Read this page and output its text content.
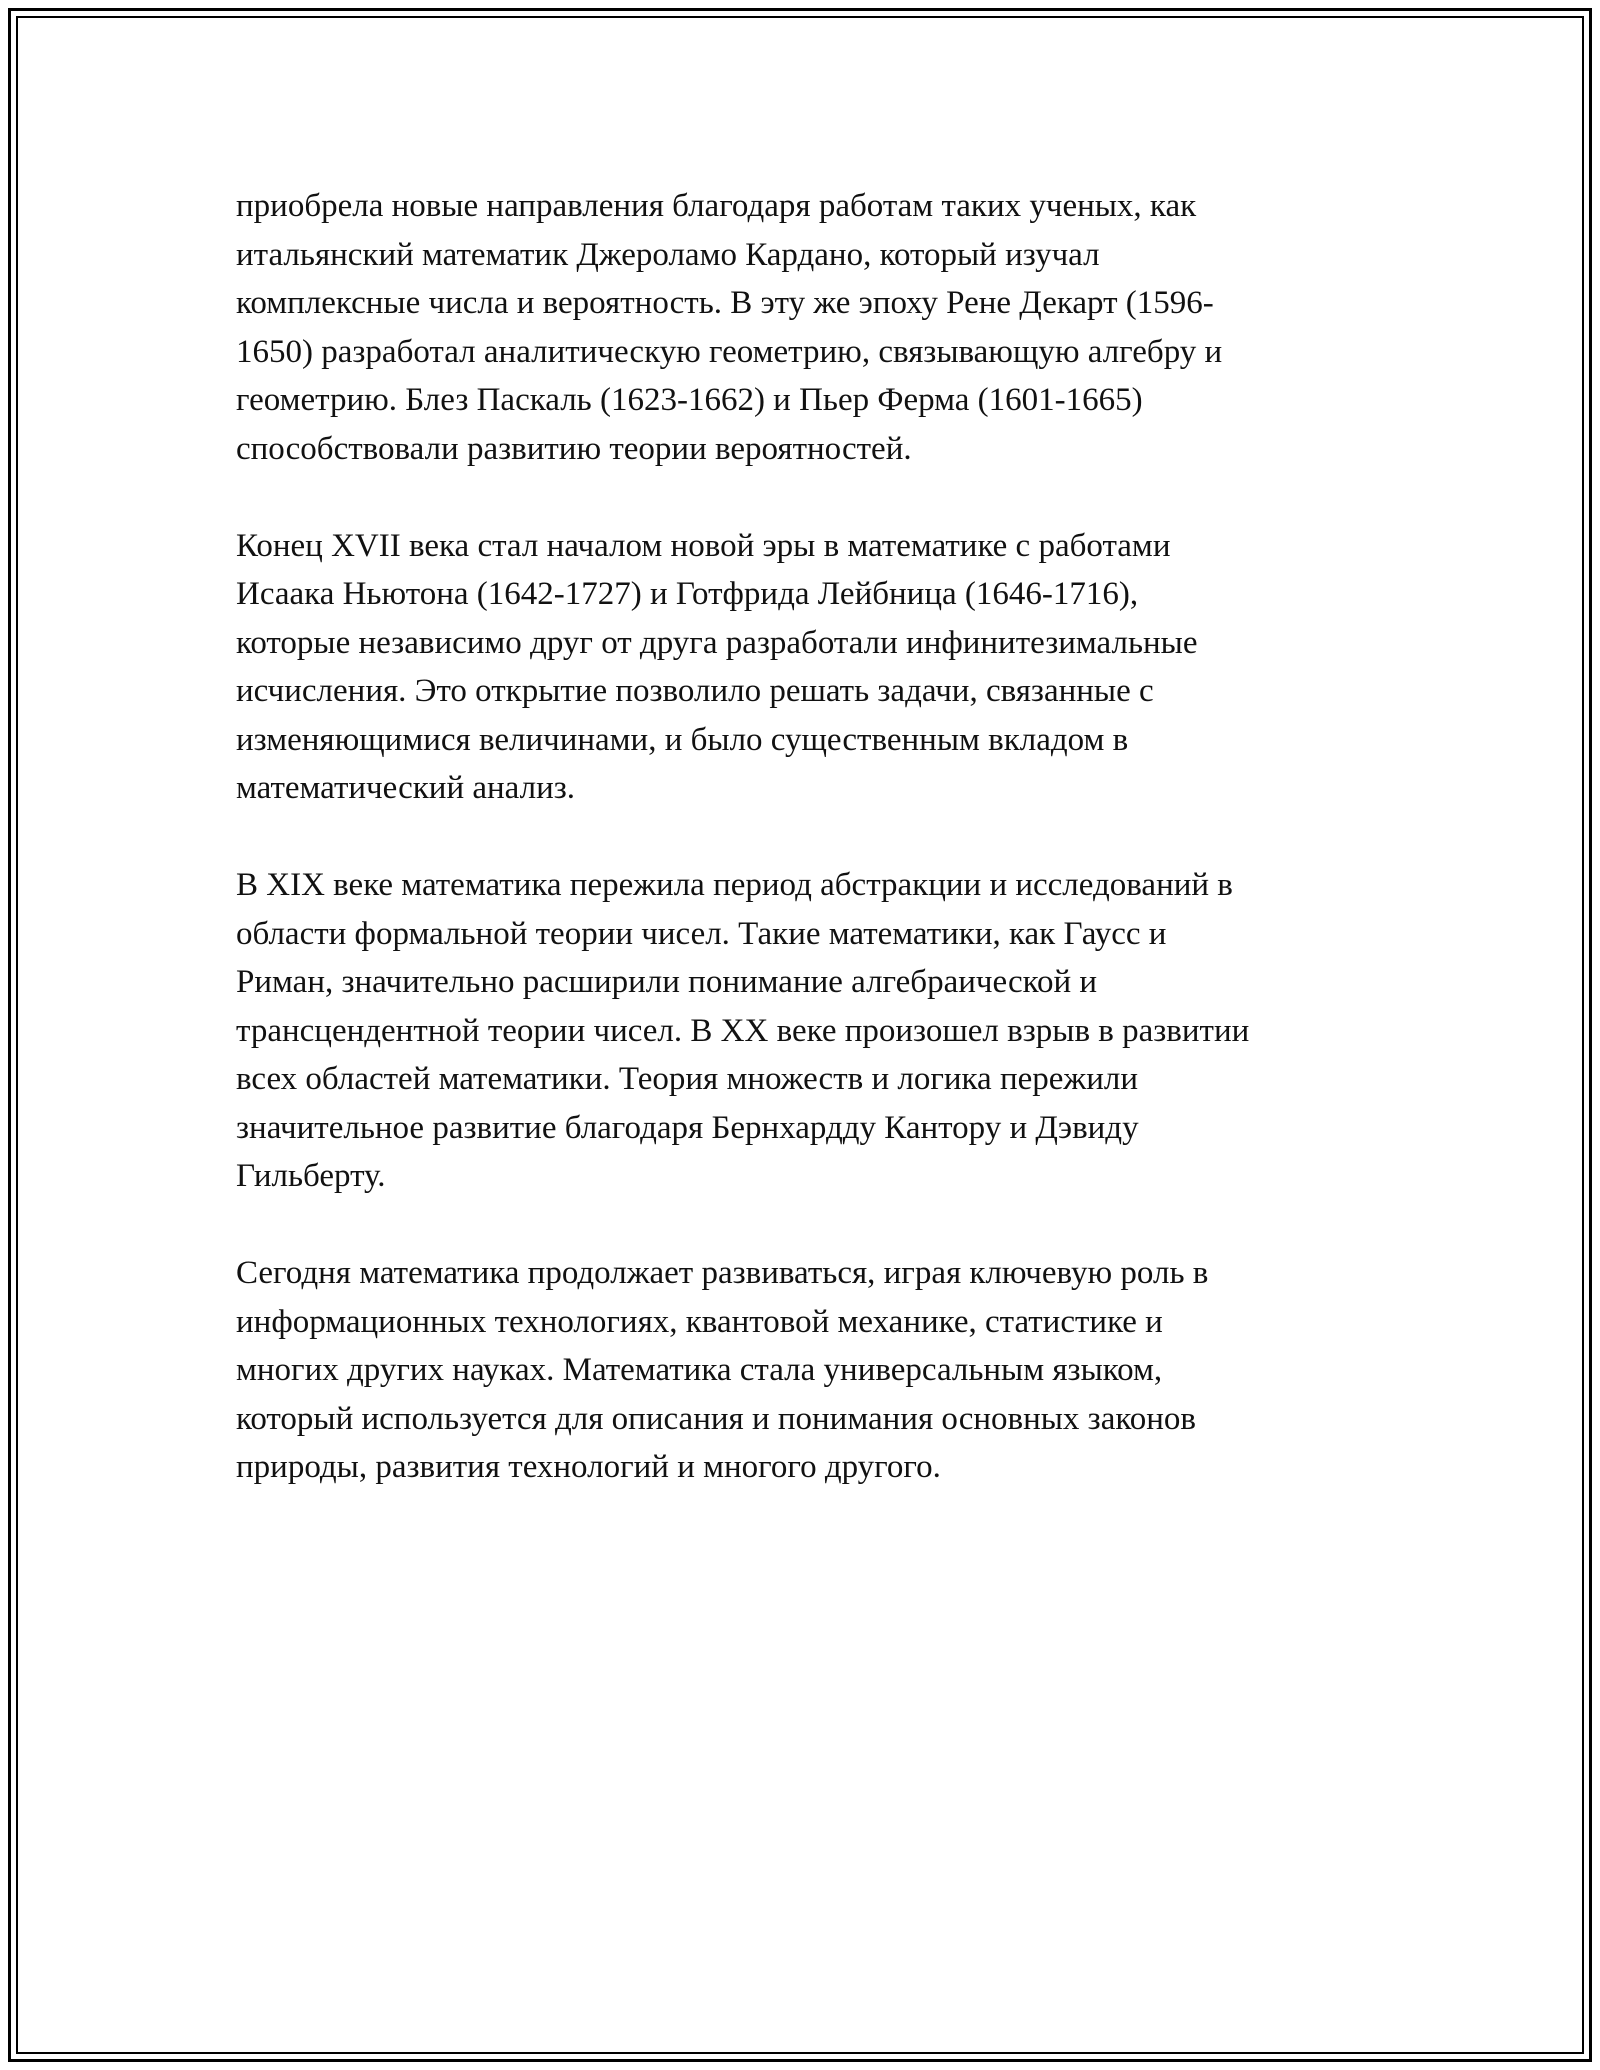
приобрела новые направления благодаря работам таких ученых, как
итальянский математик Джероламо Кардано, который изучал
комплексные числа и вероятность. В эту же эпоху Рене Декарт (1596-
1650) разработал аналитическую геометрию, связывающую алгебру и
геометрию. Блез Паскаль (1623-1662) и Пьер Ферма (1601-1665)
способствовали развитию теории вероятностей.

Конец XVII века стал началом новой эры в математике с работами
Исаака Ньютона (1642-1727) и Готфрида Лейбница (1646-1716),
которые независимо друг от друга разработали инфинитезимальные
исчисления. Это открытие позволило решать задачи, связанные с
изменяющимися величинами, и было существенным вкладом в
математический анализ.

В XIX веке математика пережила период абстракции и исследований в
области формальной теории чисел. Такие математики, как Гаусс и
Риман, значительно расширили понимание алгебраической и
трансцендентной теории чисел. В XX веке произошел взрыв в развитии
всех областей математики. Теория множеств и логика пережили
значительное развитие благодаря Бернхардду Кантору и Дэвиду
Гильберту.

Сегодня математика продолжает развиваться, играя ключевую роль в
информационных технологиях, квантовой механике, статистике и
многих других науках. Математика стала универсальным языком,
который используется для описания и понимания основных законов
природы, развития технологий и многого другого.
